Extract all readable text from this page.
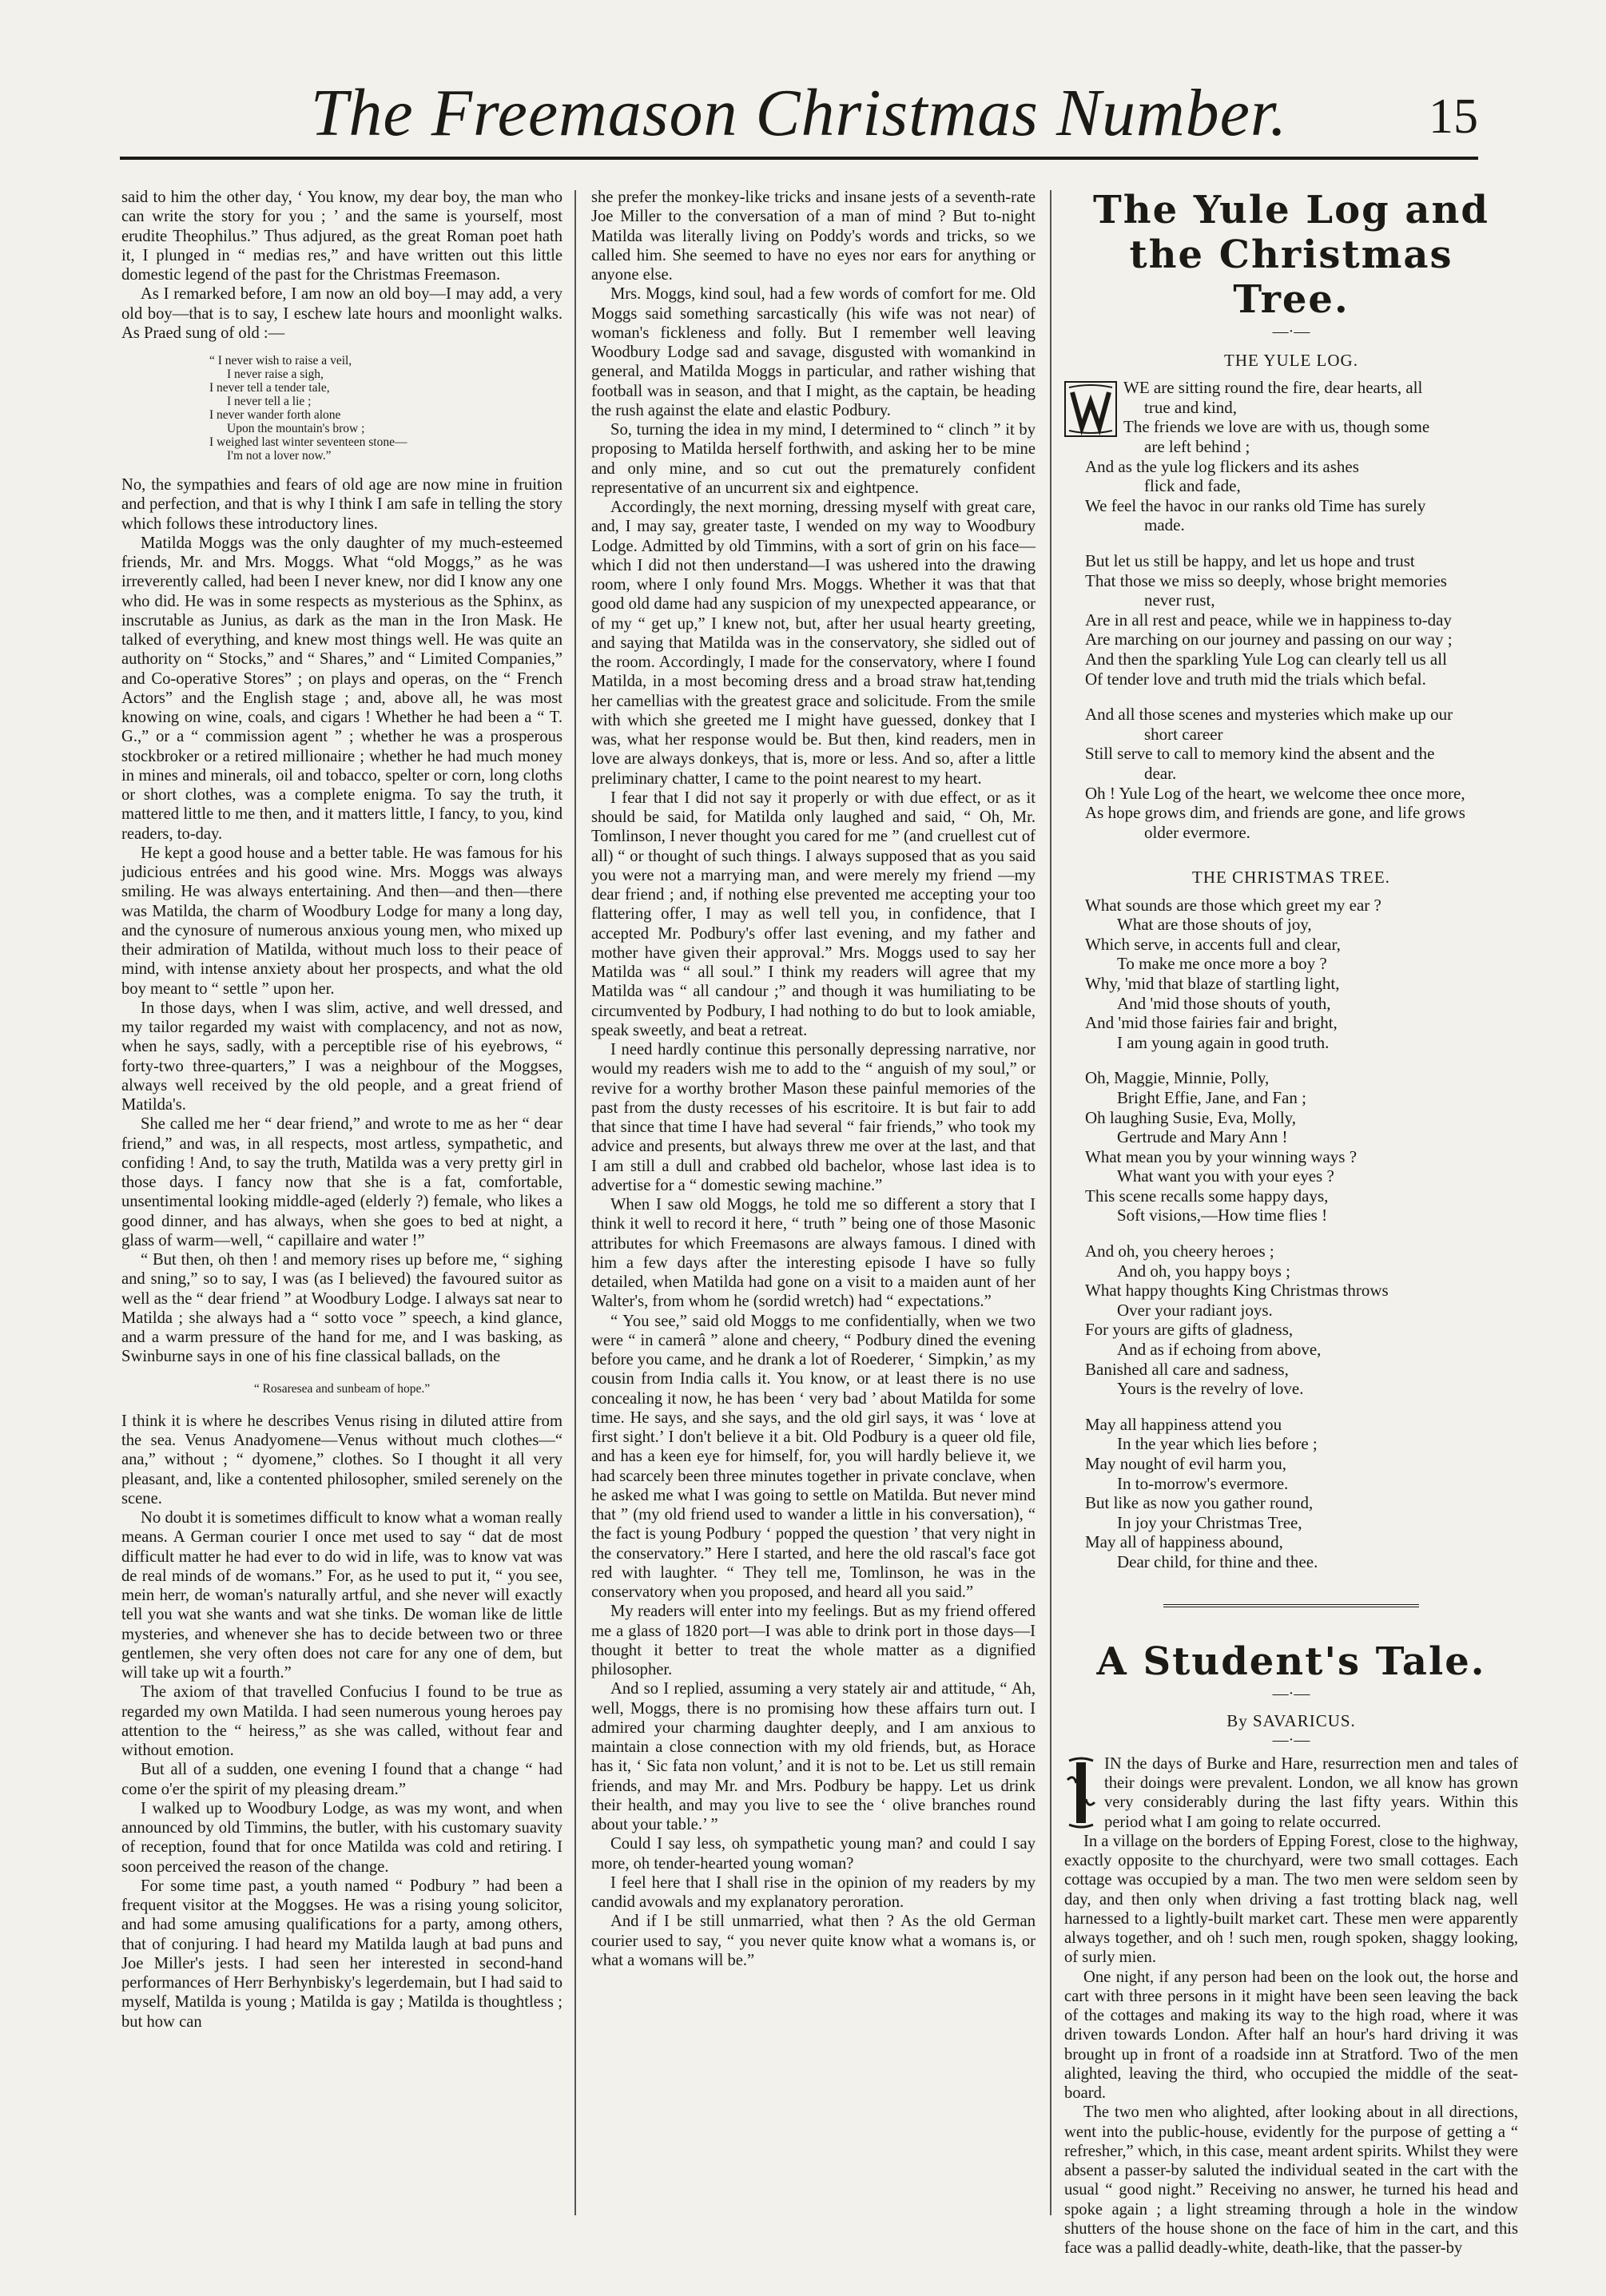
The Freemason Christmas Number.	15

said to him the other day, ‘ You know, my dear boy, the man who can write the story for you ; ’ and the same is yourself, most erudite Theophilus.” Thus adjured, as the great Roman poet hath it, I plunged in “ medias res,” and have written out this little domestic legend of the past for the Christmas Freemason.

As I remarked before, I am now an old boy—I may add, a very old boy—that is to say, I eschew late hours and moonlight walks. As Praed sung of old :—

“ I never wish to raise a veil,
I never raise a sigh,
I never tell a tender tale,
I never tell a lie ;
I never wander forth alone
Upon the mountain's brow ;
I weighed last winter seventeen stone—
I'm not a lover now.”

No, the sympathies and fears of old age are now mine in fruition and perfection, and that is why I think I am safe in telling the story which follows these introductory lines.

Matilda Moggs was the only daughter of my much-esteemed friends, Mr. and Mrs. Moggs. What “old Moggs,” as he was irreverently called, had been I never knew, nor did I know any one who did. He was in some respects as mysterious as the Sphinx, as inscrutable as Junius, as dark as the man in the Iron Mask. He talked of everything, and knew most things well. He was quite an authority on “ Stocks,” and “ Shares,” and “ Limited Companies,” and Co-operative Stores” ; on plays and operas, on the “ French Actors” and the English stage ; and, above all, he was most knowing on wine, coals, and cigars ! Whether he had been a “ T. G.,” or a “ commission agent ” ; whether he was a prosperous stockbroker or a retired millionaire ; whether he had much money in mines and minerals, oil and tobacco, spelter or corn, long cloths or short clothes, was a complete enigma. To say the truth, it mattered little to me then, and it matters little, I fancy, to you, kind readers, to-day.

He kept a good house and a better table. He was famous for his judicious entrées and his good wine. Mrs. Moggs was always smiling. He was always entertaining. And then—and then—there was Matilda, the charm of Woodbury Lodge for many a long day, and the cynosure of numerous anxious young men, who mixed up their admiration of Matilda, without much loss to their peace of mind, with intense anxiety about her prospects, and what the old boy meant to “ settle ” upon her.

In those days, when I was slim, active, and well dressed, and my tailor regarded my waist with complacency, and not as now, when he says, sadly, with a perceptible rise of his eyebrows, “ forty-two three-quarters,” I was a neighbour of the Moggses, always well received by the old people, and a great friend of Matilda's.

She called me her “ dear friend,” and wrote to me as her “ dear friend,” and was, in all respects, most artless, sympathetic, and confiding ! And, to say the truth, Matilda was a very pretty girl in those days. I fancy now that she is a fat, comfortable, unsentimental looking middle-aged (elderly ?) female, who likes a good dinner, and has always, when she goes to bed at night, a glass of warm—well, “ capillaire and water !”

“ But then, oh then ! and memory rises up before me, “ sighing and sning,” so to say, I was (as I believed) the favoured suitor as well as the “ dear friend ” at Woodbury Lodge. I always sat near to Matilda ; she always had a “ sotto voce ” speech, a kind glance, and a warm pressure of the hand for me, and I was basking, as Swinburne says in one of his fine classical ballads, on the

“ Rosaresea and sunbeam of hope.”

I think it is where he describes Venus rising in diluted attire from the sea. Venus Anadyomene—Venus without much clothes—“ ana,” without ; “ dyomene,” clothes. So I thought it all very pleasant, and, like a contented philosopher, smiled serenely on the scene.

No doubt it is sometimes difficult to know what a woman really means. A German courier I once met used to say “ dat de most difficult matter he had ever to do wid in life, was to know vat was de real minds of de womans.” For, as he used to put it, “ you see, mein herr, de woman's naturally artful, and she never will exactly tell you wat she wants and wat she tinks. De woman like de little mysteries, and whenever she has to decide between two or three gentlemen, she very often does not care for any one of dem, but will take up wit a fourth.”

The axiom of that travelled Confucius I found to be true as regarded my own Matilda. I had seen numerous young heroes pay attention to the “ heiress,” as she was called, without fear and without emotion.

But all of a sudden, one evening I found that a change “ had come o'er the spirit of my pleasing dream.”

I walked up to Woodbury Lodge, as was my wont, and when announced by old Timmins, the butler, with his customary suavity of reception, found that for once Matilda was cold and retiring. I soon perceived the reason of the change.

For some time past, a youth named “ Podbury ” had been a frequent visitor at the Moggses. He was a rising young solicitor, and had some amusing qualifications for a party, among others, that of conjuring. I had heard my Matilda laugh at bad puns and Joe Miller's jests. I had seen her interested in second-hand performances of Herr Berhynbisky's legerdemain, but I had said to myself, Matilda is young ; Matilda is gay ; Matilda is thoughtless ; but how can

she prefer the monkey-like tricks and insane jests of a seventh-rate Joe Miller to the conversation of a man of mind ? But to-night Matilda was literally living on Poddy's words and tricks, so we called him. She seemed to have no eyes nor ears for anything or anyone else.

Mrs. Moggs, kind soul, had a few words of comfort for me. Old Moggs said something sarcastically (his wife was not near) of woman's fickleness and folly. But I remember well leaving Woodbury Lodge sad and savage, disgusted with womankind in general, and Matilda Moggs in particular, and rather wishing that football was in season, and that I might, as the captain, be heading the rush against the elate and elastic Podbury.

So, turning the idea in my mind, I determined to “ clinch ” it by proposing to Matilda herself forthwith, and asking her to be mine and only mine, and so cut out the prematurely confident representative of an uncurrent six and eightpence.

Accordingly, the next morning, dressing myself with great care, and, I may say, greater taste, I wended on my way to Woodbury Lodge. Admitted by old Timmins, with a sort of grin on his face—which I did not then understand—I was ushered into the drawing room, where I only found Mrs. Moggs. Whether it was that that good old dame had any suspicion of my unexpected appearance, or of my “ get up,” I knew not, but, after her usual hearty greeting, and saying that Matilda was in the conservatory, she sidled out of the room. Accordingly, I made for the conservatory, where I found Matilda, in a most becoming dress and a broad straw hat,tending her camellias with the greatest grace and solicitude. From the smile with which she greeted me I might have guessed, donkey that I was, what her response would be. But then, kind readers, men in love are always donkeys, that is, more or less. And so, after a little preliminary chatter, I came to the point nearest to my heart.

I fear that I did not say it properly or with due effect, or as it should be said, for Matilda only laughed and said, “ Oh, Mr. Tomlinson, I never thought you cared for me ” (and cruellest cut of all) “ or thought of such things. I always supposed that as you said you were not a marrying man, and were merely my friend —my dear friend ; and, if nothing else prevented me accepting your too flattering offer, I may as well tell you, in confidence, that I accepted Mr. Podbury's offer last evening, and my father and mother have given their approval.” Mrs. Moggs used to say her Matilda was “ all soul.” I think my readers will agree that my Matilda was “ all candour ;” and though it was humiliating to be circumvented by Podbury, I had nothing to do but to look amiable, speak sweetly, and beat a retreat.

I need hardly continue this personally depressing narrative, nor would my readers wish me to add to the “ anguish of my soul,” or revive for a worthy brother Mason these painful memories of the past from the dusty recesses of his escritoire. It is but fair to add that since that time I have had several “ fair friends,” who took my advice and presents, but always threw me over at the last, and that I am still a dull and crabbed old bachelor, whose last idea is to advertise for a “ domestic sewing machine.”

When I saw old Moggs, he told me so different a story that I think it well to record it here, “ truth ” being one of those Masonic attributes for which Freemasons are always famous. I dined with him a few days after the interesting episode I have so fully detailed, when Matilda had gone on a visit to a maiden aunt of her Walter's, from whom he (sordid wretch) had “ expectations.”

“ You see,” said old Moggs to me confidentially, when we two were “ in camerâ ” alone and cheery, “ Podbury dined the evening before you came, and he drank a lot of Roederer, ‘ Simpkin,’ as my cousin from India calls it. You know, or at least there is no use concealing it now, he has been ‘ very bad ’ about Matilda for some time. He says, and she says, and the old girl says, it was ‘ love at first sight.’ I don't believe it a bit. Old Podbury is a queer old file, and has a keen eye for himself, for, you will hardly believe it, we had scarcely been three minutes together in private conclave, when he asked me what I was going to settle on Matilda. But never mind that ” (my old friend used to wander a little in his conversation), “ the fact is young Podbury ‘ popped the question ’ that very night in the conservatory.” Here I started, and here the old rascal's face got red with laughter. “ They tell me, Tomlinson, he was in the conservatory when you proposed, and heard all you said.”

My readers will enter into my feelings. But as my friend offered me a glass of 1820 port—I was able to drink port in those days—I thought it better to treat the whole matter as a dignified philosopher.

And so I replied, assuming a very stately air and attitude, “ Ah, well, Moggs, there is no promising how these affairs turn out. I admired your charming daughter deeply, and I am anxious to maintain a close connection with my old friends, but, as Horace has it, ‘ Sic fata non volunt,’ and it is not to be. Let us still remain friends, and may Mr. and Mrs. Podbury be happy. Let us drink their health, and may you live to see the ‘ olive branches round about your table.’ ”

Could I say less, oh sympathetic young man? and could I say more, oh tender-hearted young woman?

I feel here that I shall rise in the opinion of my readers by my candid avowals and my explanatory peroration.

And if I be still unmarried, what then ? As the old German courier used to say, “ you never quite know what a womans is, or what a womans will be.”

The Yule Log and the Christmas Tree.
—·—
THE YULE LOG.
WE are sitting round the fire, dear hearts, all
true and kind,
The friends we love are with us, though some
are left behind ;
And as the yule log flickers and its ashes
flick and fade,
We feel the havoc in our ranks old Time has surely
made.
But let us still be happy, and let us hope and trust
That those we miss so deeply, whose bright memories
never rust,
Are in all rest and peace, while we in happiness to-day
Are marching on our journey and passing on our way ;
And then the sparkling Yule Log can clearly tell us all
Of tender love and truth mid the trials which befal.
And all those scenes and mysteries which make up our
short career
Still serve to call to memory kind the absent and the
dear.
Oh ! Yule Log of the heart, we welcome thee once more,
As hope grows dim, and friends are gone, and life grows
older evermore.
THE CHRISTMAS TREE.
What sounds are those which greet my ear ?
What are those shouts of joy,
Which serve, in accents full and clear,
To make me once more a boy ?
Why, 'mid that blaze of startling light,
And 'mid those shouts of youth,
And 'mid those fairies fair and bright,
I am young again in good truth.
Oh, Maggie, Minnie, Polly,
Bright Effie, Jane, and Fan ;
Oh laughing Susie, Eva, Molly,
Gertrude and Mary Ann !
What mean you by your winning ways ?
What want you with your eyes ?
This scene recalls some happy days,
Soft visions,—How time flies !
And oh, you cheery heroes ;
And oh, you happy boys ;
What happy thoughts King Christmas throws
Over your radiant joys.
For yours are gifts of gladness,
And as if echoing from above,
Banished all care and sadness,
Yours is the revelry of love.
May all happiness attend you
In the year which lies before ;
May nought of evil harm you,
In to-morrow's evermore.
But like as now you gather round,
In joy your Christmas Tree,
May all of happiness abound,
Dear child, for thine and thee.
A Student's Tale.
—·—
By SAVARICUS.
—·—

IN the days of Burke and Hare, resurrection men and tales of their doings were prevalent. London, we all know has grown very considerably during the last fifty years. Within this period what I am going to relate occurred.

In a village on the borders of Epping Forest, close to the highway, exactly opposite to the churchyard, were two small cottages. Each cottage was occupied by a man. The two men were seldom seen by day, and then only when driving a fast trotting black nag, well harnessed to a lightly-built market cart. These men were apparently always together, and oh ! such men, rough spoken, shaggy looking, of surly mien.

One night, if any person had been on the look out, the horse and cart with three persons in it might have been seen leaving the back of the cottages and making its way to the high road, where it was driven towards London. After half an hour's hard driving it was brought up in front of a roadside inn at Stratford. Two of the men alighted, leaving the third, who occupied the middle of the seat-board.

The two men who alighted, after looking about in all directions, went into the public-house, evidently for the purpose of getting a “ refresher,” which, in this case, meant ardent spirits. Whilst they were absent a passer-by saluted the individual seated in the cart with the usual “ good night.” Receiving no answer, he turned his head and spoke again ; a light streaming through a hole in the window shutters of the house shone on the face of him in the cart, and this face was a pallid deadly-white, death-like, that the passer-by
